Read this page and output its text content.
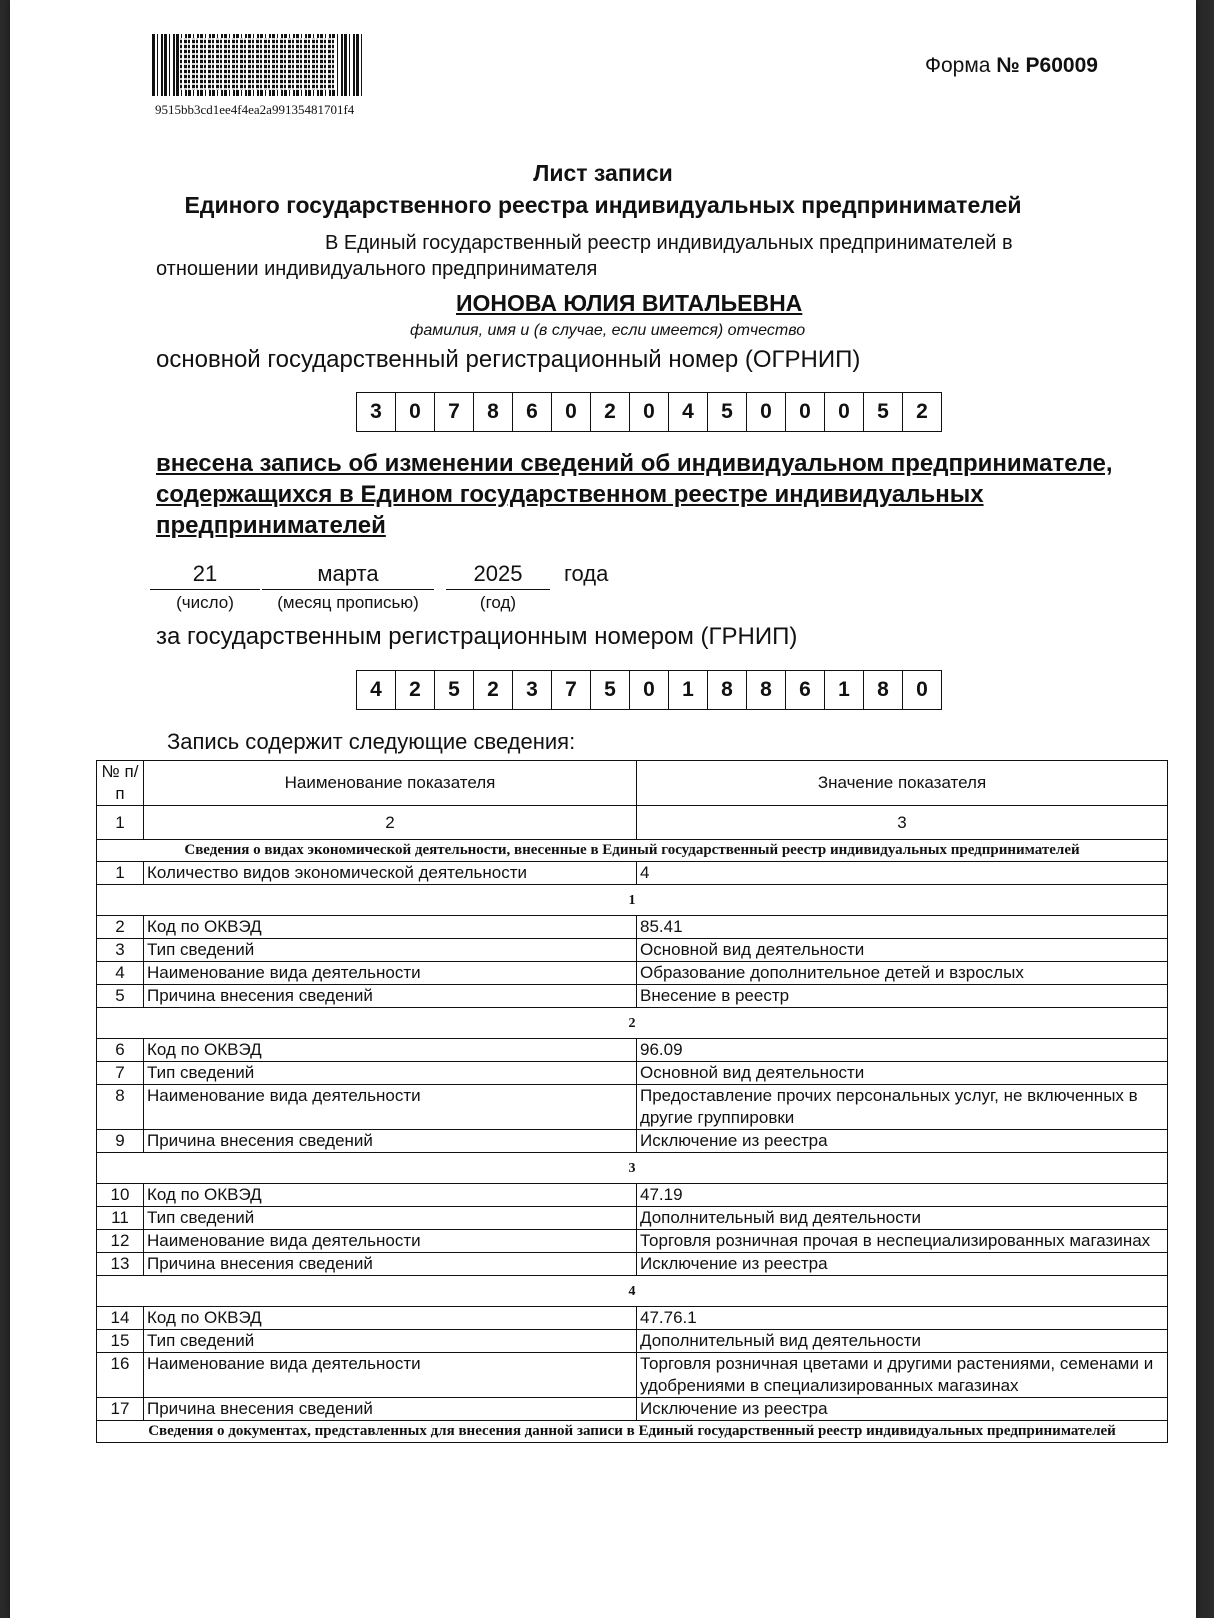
9515bb3cd1ee4f4ea2a99135481701f4
Форма № Р60009
Лист записи
Единого государственного реестра индивидуальных предпринимателей
В Единый государственный реестр индивидуальных предпринимателей в
отношении индивидуального предпринимателя
ИОНОВА ЮЛИЯ ВИТАЛЬЕВНА
фамилия, имя и (в случае, если имеется) отчество
основной государственный регистрационный номер (ОГРНИП)
3	0	7	8	6	0	2	0	4	5	0	0	0	5	2
внесена запись об изменении сведений об индивидуальном предпринимателе, содержащихся в Едином государственном реестре индивидуальных предпринимателей
21
(число)
марта
(месяц прописью)
2025
(год)
года
за государственным регистрационным номером (ГРНИП)
4	2	5	2	3	7	5	0	1	8	8	6	1	8	0
Запись содержит следующие сведения:
№ п/п	Наименование показателя	Значение показателя
1	2	3
Сведения о видах экономической деятельности, внесенные в Единый государственный реестр индивидуальных предпринимателей		
1	Количество видов экономической деятельности	4
1		
2	Код по ОКВЭД	85.41
3	Тип сведений	Основной вид деятельности
4	Наименование вида деятельности	Образование дополнительное детей и взрослых
5	Причина внесения сведений	Внесение в реестр
2		
6	Код по ОКВЭД	96.09
7	Тип сведений	Основной вид деятельности
8	Наименование вида деятельности	Предоставление прочих персональных услуг, не включенных в другие группировки
9	Причина внесения сведений	Исключение из реестра
3		
10	Код по ОКВЭД	47.19
11	Тип сведений	Дополнительный вид деятельности
12	Наименование вида деятельности	Торговля розничная прочая в неспециализированных магазинах
13	Причина внесения сведений	Исключение из реестра
4		
14	Код по ОКВЭД	47.76.1
15	Тип сведений	Дополнительный вид деятельности
16	Наименование вида деятельности	Торговля розничная цветами и другими растениями, семенами и удобрениями в специализированных магазинах
17	Причина внесения сведений	Исключение из реестра
Сведения о документах, представленных для внесения данной записи в Единый государственный реестр индивидуальных предпринимателей		
